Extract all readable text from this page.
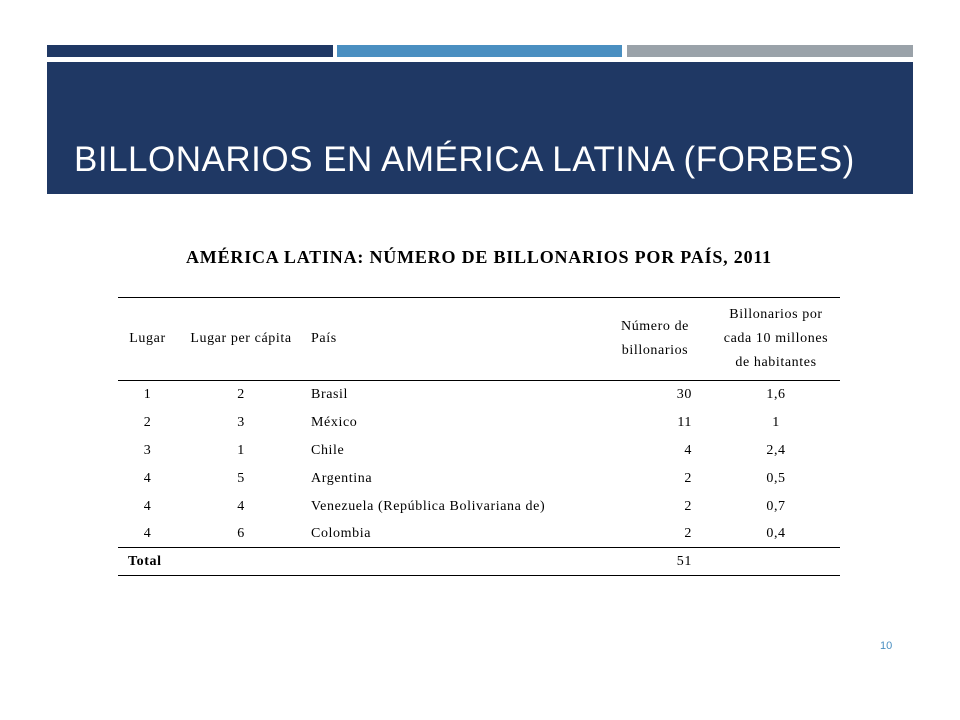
BILLONARIOS EN AMÉRICA LATINA (FORBES)
AMÉRICA LATINA: NÚMERO DE BILLONARIOS POR PAÍS, 2011
Lugar	Lugar per cápita	País	Número de billonarios	Billonarios por cada 10 millones de habitantes
1	2	Brasil	30	1,6
2	3	México	11	1
3	1	Chile	4	2,4
4	5	Argentina	2	0,5
4	4	Venezuela (República Bolivariana de)	2	0,7
4	6	Colombia	2	0,4
Total			51	
10
